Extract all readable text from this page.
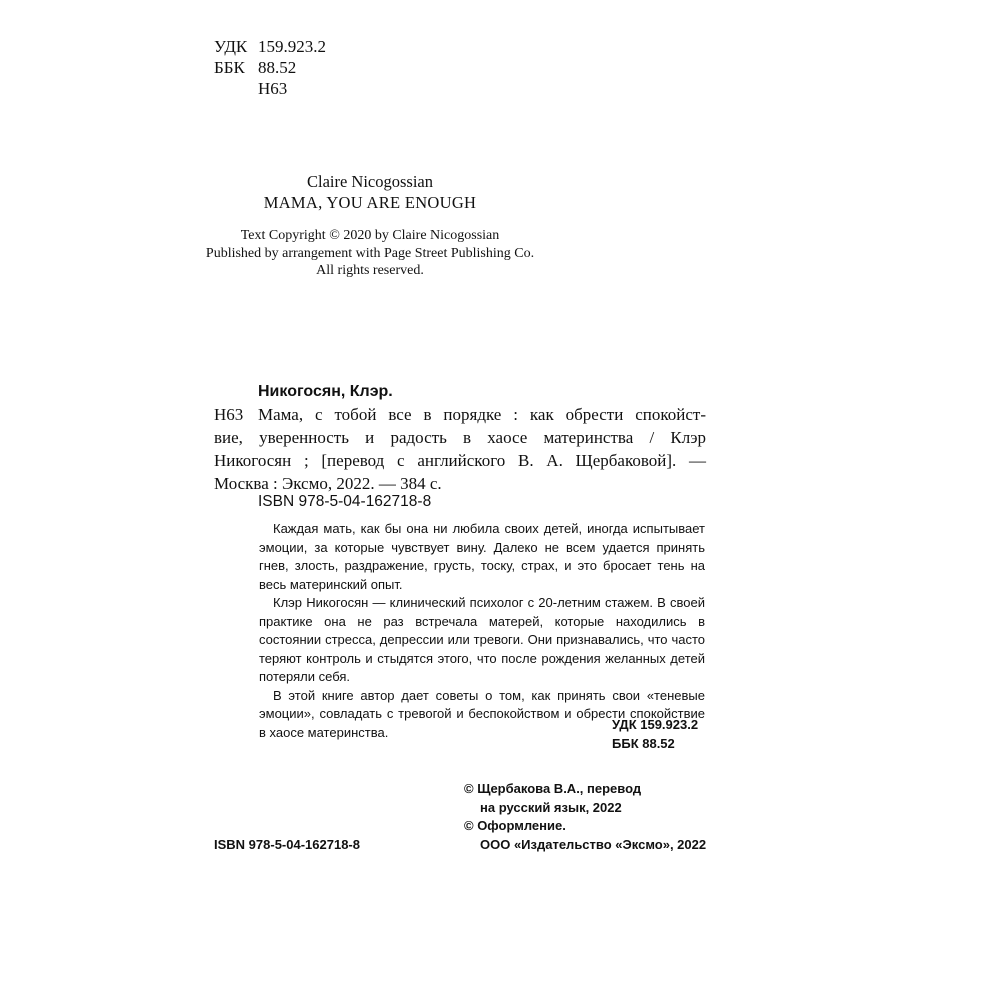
УДК 159.923.2
ББК 88.52
Н63
Claire Nicogossian
MAMA, YOU ARE ENOUGH
Text Copyright © 2020 by Claire Nicogossian
Published by arrangement with Page Street Publishing Co.
All rights reserved.
Никогосян, Клэр.
Н63 Мама, с тобой все в порядке : как обрести спокойст-
вие, уверенность и радость в хаосе материнства / Клэр
Никогосян ; [перевод с английского В. А. Щербаковой]. —
Москва : Эксмо, 2022. — 384 с.
ISBN 978-5-04-162718-8

Каждая мать, как бы она ни любила своих детей, иногда испытывает эмоции, за которые чувствует вину. Далеко не всем удается принять гнев, злость, раздражение, грусть, тоску, страх, и это бросает тень на весь материнский опыт.

Клэр Никогосян — клинический психолог с 20-летним стажем. В своей практике она не раз встречала матерей, которые находились в состоянии стресса, депрессии или тревоги. Они признавались, что часто теряют контроль и стыдятся этого, что после рождения желанных детей потеряли себя.

В этой книге автор дает советы о том, как принять свои «теневые эмоции», совладать с тревогой и беспокойством и обрести спокойствие в хаосе материнства.	УДК 159.923.2
ББК 88.52
© Щербакова В.А., перевод
на русский язык, 2022
© Оформление.
ООО «Издательство «Эксмо», 2022
ISBN 978-5-04-162718-8
